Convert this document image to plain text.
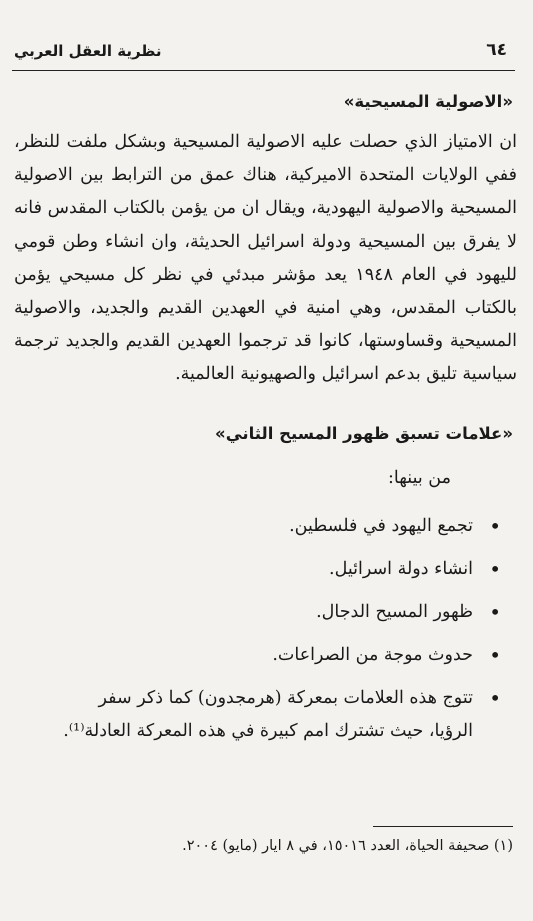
نظرية العقل العربي	٦٤
«الاصولية المسيحية»

ان الامتياز الذي حصلت عليه الاصولية المسيحية وبشكل ملفت للنظر، ففي الولايات المتحدة الاميركية، هناك عمق من الترابط بين الاصولية المسيحية والاصولية اليهودية، ويقال ان من يؤمن بالكتاب المقدس فانه لا يفرق بين المسيحية ودولة اسرائيل الحديثة، وان انشاء وطن قومي لليهود في العام ١٩٤٨ يعد مؤشر مبدئي في نظر كل مسيحي يؤمن بالكتاب المقدس، وهي امنية في العهدين القديم والجديد، والاصولية المسيحية وقساوستها، كانوا قد ترجموا العهدين القديم والجديد ترجمة سياسية تليق بدعم اسرائيل والصهيونية العالمية.

«علامات تسبق ظهور المسيح الثاني»
من بينها:
•
تجمع اليهود في فلسطين.
•
انشاء دولة اسرائيل.
•
ظهور المسيح الدجال.
•
حدوث موجة من الصراعات.
•
تتوج هذه العلامات بمعركة (هرمجدون) كما ذكر سفر الرؤيا، حيث تشترك امم كبيرة في هذه المعركة العادلة⁽¹⁾.
(١) صحيفة الحياة، العدد ١٥٠١٦، في ٨ ايار (مايو) ٢٠٠٤.
